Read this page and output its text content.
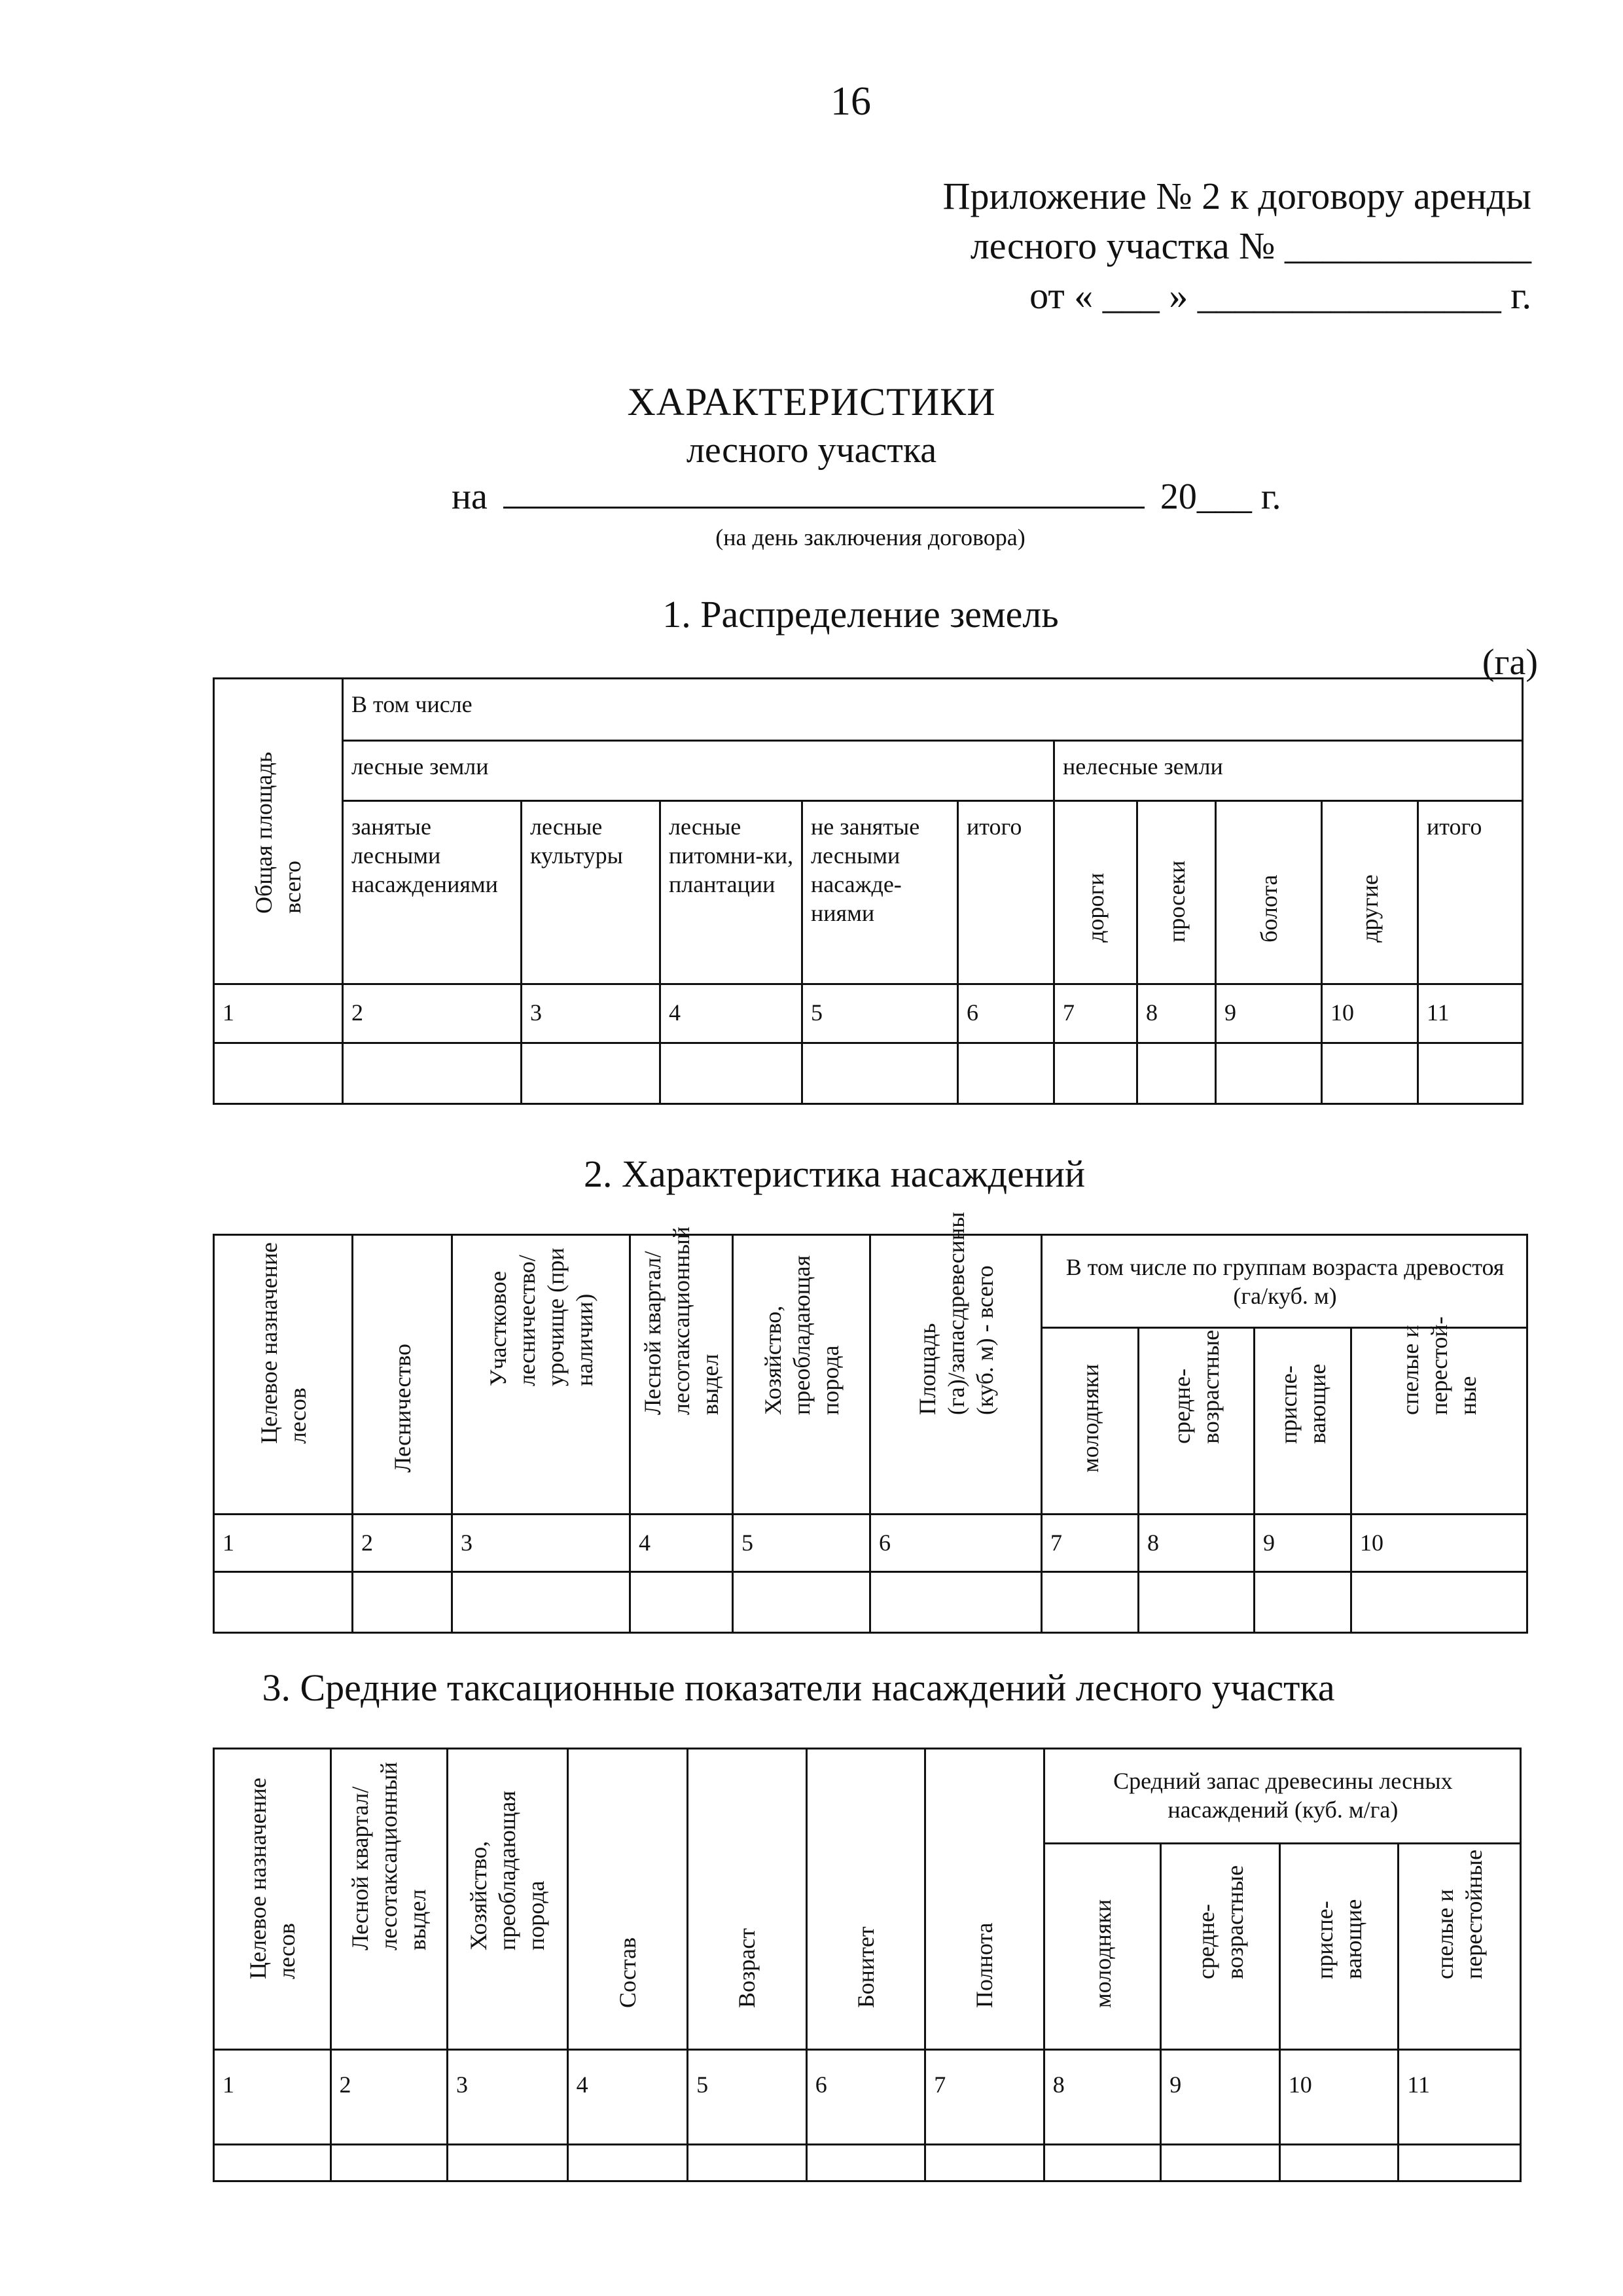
16
Приложение № 2 к договору аренды
лесного участка № _____________
от « ___ » ________________ г.
ХАРАКТЕРИСТИКИ
лесного участка
на	20___ г.
(на день заключения договора)
1. Распределение земель
(га)
Общая площадь всего	В том числе									
	лесные земли					нелесные земли				
	занятые лесными насаждениями	лесные культуры	лесные питомни-ки, плантации	не занятые лесными насажде-ниями	итого	дороги	просеки	болота	другие	итого
1	2	3	4	5	6	7	8	9	10	11

2. Характеристика насаждений
Целевое назначение лесов	Лесничество	Участковое лесничество/ урочище (при наличии)	Лесной квартал/ лесотаксационный выдел	Хозяйство, преобладающая порода	Площадь (га)/запасдревесины (куб. м) - всего	В том числе по группам возраста древостоя (га/куб. м)			

						молодняки	средне- возрастные	приспе- вающие	спелые и перестой- ные

1	2	3	4	5	6	7	8	9	10

3. Средние таксационные показатели насаждений лесного участка
Целевое назначение лесов	Лесной квартал/ лесотаксационный выдел	Хозяйство, преобладающая порода	Состав	Возраст	Бонитет	Полнота	Средний запас древесины лесных насаждений (куб. м/га)			

							молодняки	средне- возрастные	приспе- вающие	спелые и перестойные

1	2	3	4	5	6	7	8	9	10	11
